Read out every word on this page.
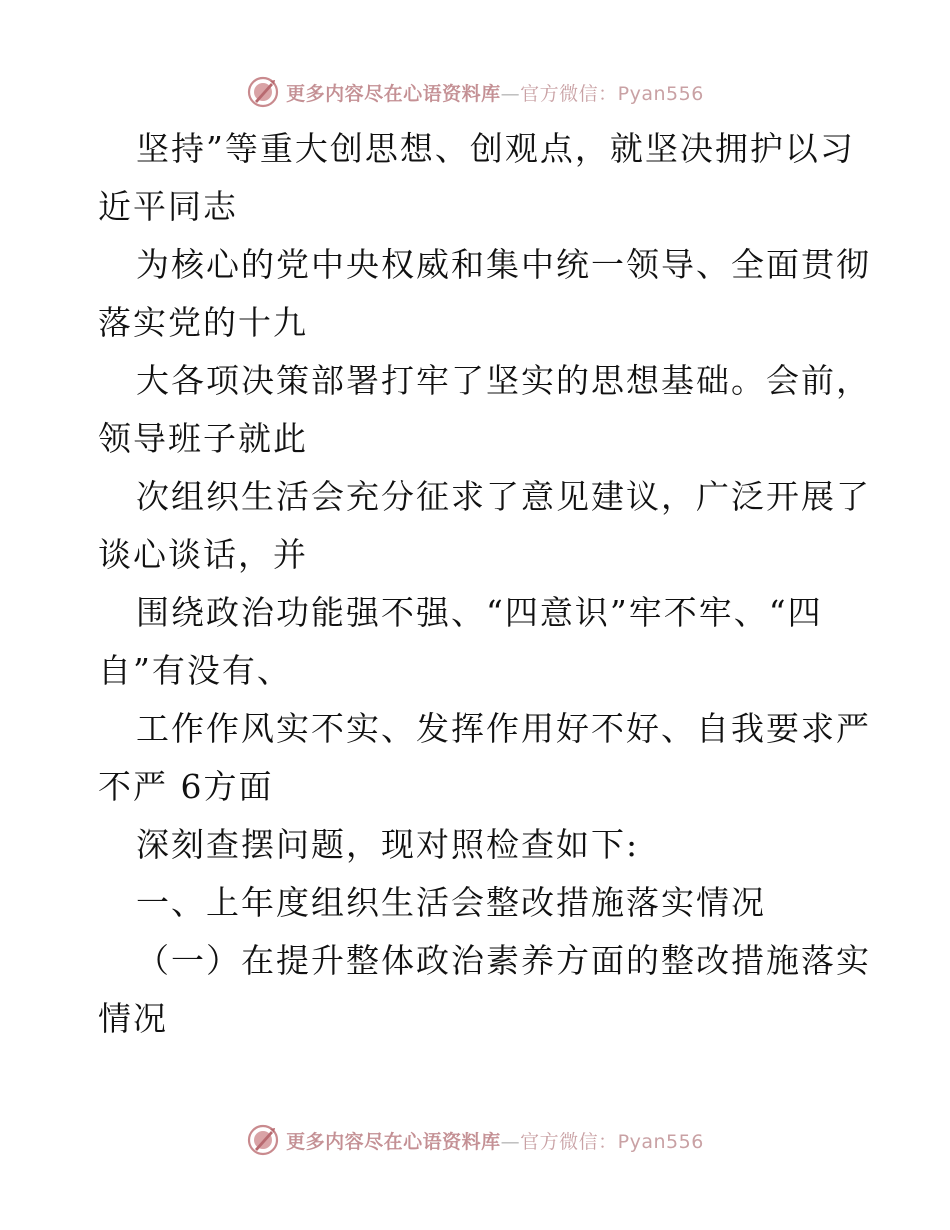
更多内容尽在心语资料库—官方微信：Pyan556
坚持”等重大创思想、创观点，就坚决拥护以习
近平同志
为核心的党中央权威和集中统一领导、全面贯彻
落实党的十九
大各项决策部署打牢了坚实的思想基础。会前，
领导班子就此
次组织生活会充分征求了意见建议，广泛开展了
谈心谈话，并
围绕政治功能强不强、“四意识”牢不牢、“四
自”有没有、
工作作风实不实、发挥作用好不好、自我要求严
不严 6方面
深刻查摆问题，现对照检查如下:
一、上年度组织生活会整改措施落实情况
（一）在提升整体政治素养方面的整改措施落实
情况
更多内容尽在心语资料库—官方微信：Pyan556
